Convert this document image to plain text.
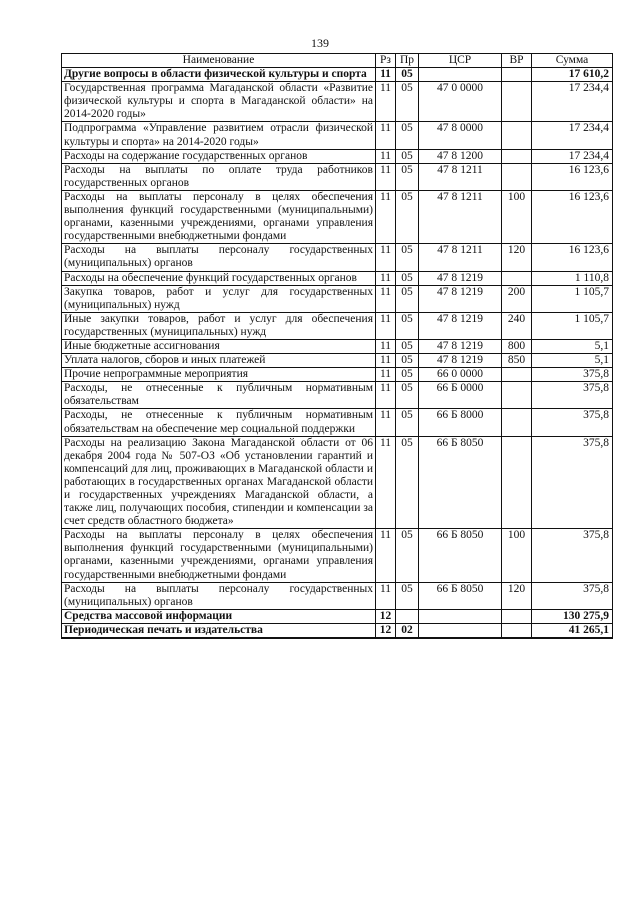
139
Наименование	Рз	Пр	ЦСР	ВР	Сумма
Другие вопросы в области физической культуры и спорта	11	05			17 610,2
Государственная программа Магаданской области «Развитие физической культуры и спорта в Магаданской области» на 2014-2020 годы»	11	05	47 0 0000		17 234,4
Подпрограмма «Управление развитием отрасли физической культуры и спорта» на 2014-2020 годы»	11	05	47 8 0000		17 234,4
Расходы на содержание государственных органов	11	05	47 8 1200		17 234,4
Расходы на выплаты по оплате труда работников государственных органов	11	05	47 8 1211		16 123,6
Расходы на выплаты персоналу в целях обеспечения выполнения функций государственными (муниципальными) органами, казенными учреждениями, органами управления государственными внебюджетными фондами	11	05	47 8 1211	100	16 123,6
Расходы на выплаты персоналу государственных (муниципальных) органов	11	05	47 8 1211	120	16 123,6
Расходы на обеспечение функций государственных органов	11	05	47 8 1219		1 110,8
Закупка товаров, работ и услуг для государственных (муниципальных) нужд	11	05	47 8 1219	200	1 105,7
Иные закупки товаров, работ и услуг для обеспечения государственных (муниципальных) нужд	11	05	47 8 1219	240	1 105,7
Иные бюджетные ассигнования	11	05	47 8 1219	800	5,1
Уплата налогов, сборов и иных платежей	11	05	47 8 1219	850	5,1
Прочие непрограммные мероприятия	11	05	66 0 0000		375,8
Расходы, не отнесенные к публичным нормативным обязательствам	11	05	66 Б 0000		375,8
Расходы, не отнесенные к публичным нормативным обязательствам на обеспечение мер социальной поддержки	11	05	66 Б 8000		375,8
Расходы на реализацию Закона Магаданской области от 06 декабря 2004 года № 507-ОЗ «Об установлении гарантий и компенсаций для лиц, проживающих в Магаданской области и работающих в государственных органах Магаданской области и государственных учреждениях Магаданской области, а также лиц, получающих пособия, стипендии и компенсации за счет средств областного бюджета»	11	05	66 Б 8050		375,8
Расходы на выплаты персоналу в целях обеспечения выполнения функций государственными (муниципальными) органами, казенными учреждениями, органами управления государственными внебюджетными фондами	11	05	66 Б 8050	100	375,8
Расходы на выплаты персоналу государственных (муниципальных) органов	11	05	66 Б 8050	120	375,8
Средства массовой информации	12				130 275,9
Периодическая печать и издательства	12	02			41 265,1
